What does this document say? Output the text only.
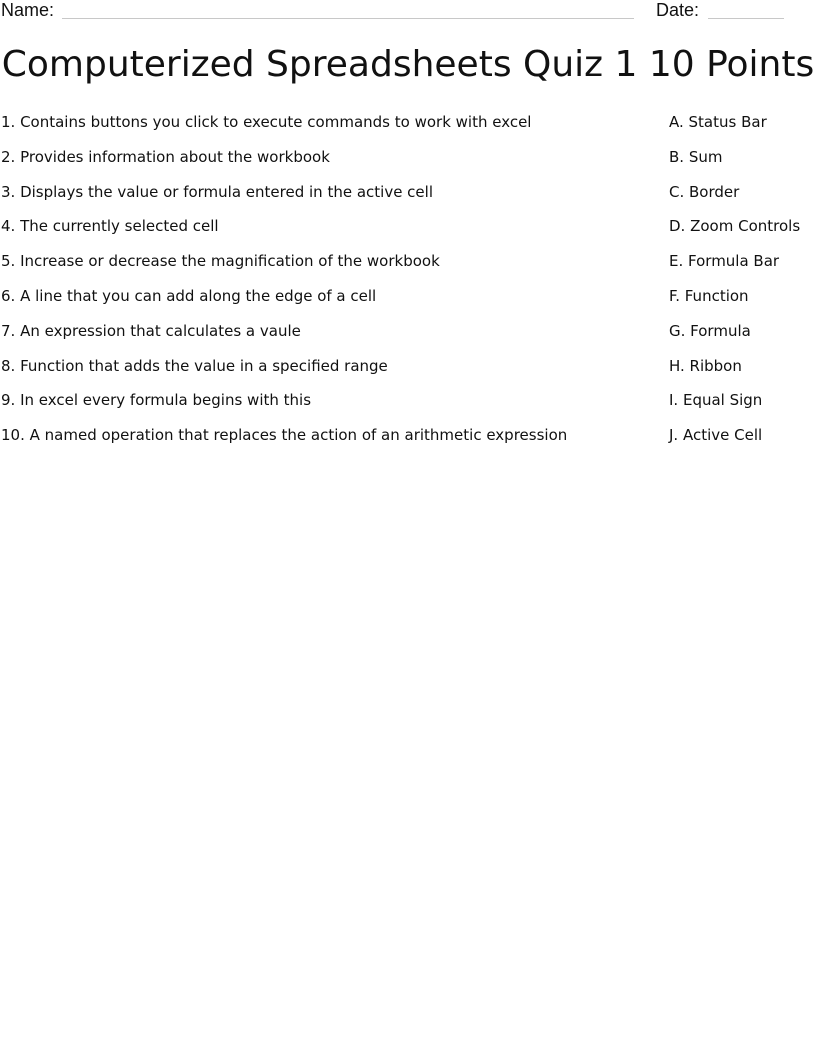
Name:	Date:
Computerized Spreadsheets Quiz 1 10 Points
1. Contains buttons you click to execute commands to work with excel	A. Status Bar
2. Provides information about the workbook	B. Sum
3. Displays the value or formula entered in the active cell	C. Border
4. The currently selected cell	D. Zoom Controls
5. Increase or decrease the magnification of the workbook	E. Formula Bar
6. A line that you can add along the edge of a cell	F. Function
7. An expression that calculates a vaule	G. Formula
8. Function that adds the value in a specified range	H. Ribbon
9. In excel every formula begins with this	I. Equal Sign
10. A named operation that replaces the action of an arithmetic expression	J. Active Cell
